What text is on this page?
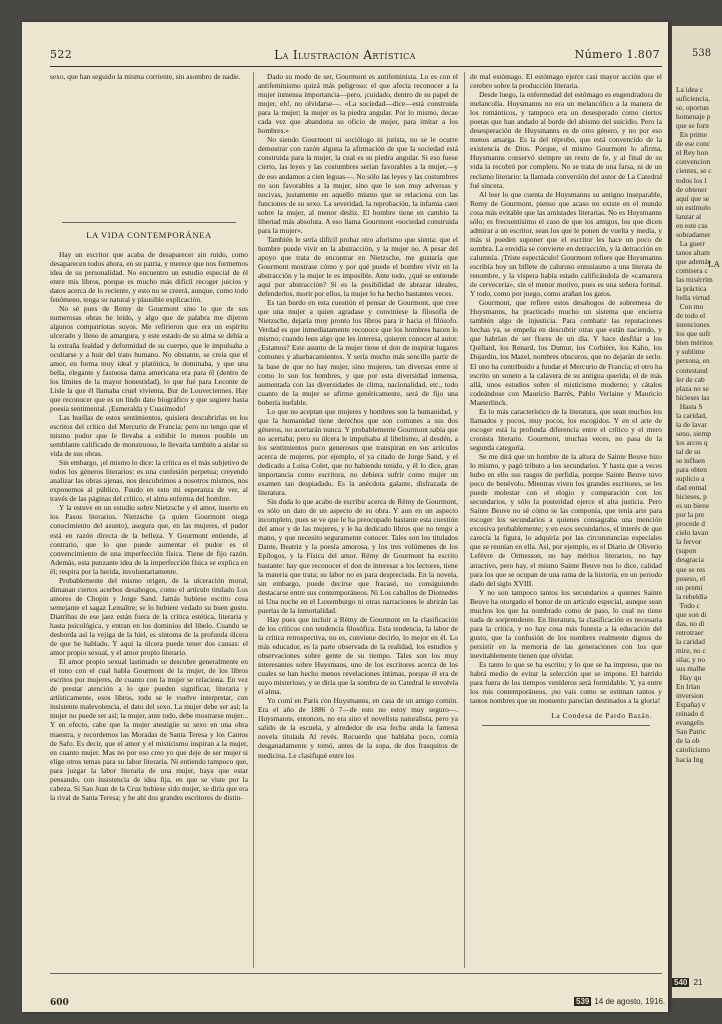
522	La Ilustración Artística	Número 1.807

sexo, que han seguido la misma corriente, sin asombro de nadie.

LA VIDA CONTEMPORÁNEA

Hay un escritor que acaba de desaparecer sin ruido, como desaparecen todos ahora, en su patria, y merece que nos formemos idea de su personalidad. No encuentro un estudio especial de él entre mis libros, porque es mucho más difícil recoger juicios y datos acerca de lo reciente, y esto no se creerá, aunque, como todo fenómeno, tenga su natural y plausible explicación.

No sé pues de Remy de Gourmont sino lo que de sus numerosas obras he leído, y algo que de palabra me dijeron algunos compatriotas suyos. Me refirieron que era un espíritu ulcerado y lleno de amargura, y este estado de su alma se debía a la extraña fealdad y deformidad de su cuerpo, que le impulsaba a ocultarse y a huir del trato humano. No obstante, se creía que el amor, en forma muy ideal y platónica, le dominaba, y que una bella, elegante y fastuosa dama americana era para él (dentro de los límites de la mayor honestidad), lo que fué para Leconte de Lisle la que él llamaba cruel vivienta, Bur de Louveciennes. Hay que reconocer que es un lindo dato biográfico y que sugiere hasta poesía sentimental. ¡Esmeralda y Cuasimodo!

Las huellas de estos sentimientos, quisiera descubrirlas en los escritos del crítico del Mercurio de Francia; pero no tengo que el mismo pudor que le llevaba a exhibir lo menos posible un semblante calificado de monstruoso, le llevaría también a aislar su vida de sus obras.

Sin embargo, ¡el mismo lo dice: la crítica es el más subjetivo de todos los géneros literarios: es una confesión perpetua; creyendo analizar las obras ajenas, nos descubrimos a nosotros mismos, nos exponemos al público. Fuudo en esto mi esperanza de ver, al través de las páginas del crítico, el alma enferma del hombre.

Y la estuve en un estudio sobre Nietzsche y el amor, inserto en los Pasos literarios. Nietzsche (a quien Gourmont niega conocimiento del asunto), asegura que, en las mujeres, el pudor está en razón directa de la belleza. Y Gourmont entiende, al contrario, que lo que puede aumentar el pudor es el convencimiento de una imperfección física. Tiene de fijo razón. Además, esta punzante idea de la imperfección física se explica en él; respira por la herida, involuntariamente.

Probablemente del mismo origen, de la ulceración moral, dimanan ciertos acerbos desahogos, como el artículo titulado Los amores de Chopin y Jorge Sand. Jamás hubiese escrito cosa semejante el sagaz Lemaître; se lo hubiere vedado su buen gusto. Diatribas de ese jaez están fuera de la crítica estética, literaria y hasta psicológica, y entran en los dominios del libelo. Cuando se desborda así la vejiga de la hiel, es síntoma de la profunda úlcera de que he hablado. Y aquí la úlcera puede tener dos causas: el amor propio sexual, y el amor propio literario.

El amor propio sexual lastimado se descubre generalmente en el tono con el cual habla Gourmont de la mujer, de los libros escritos por mujeres, de cuanto con la mujer se relaciona. En vez de prestar atención a lo que pueden significar, literaria y artísticamente, esos libros, todo se le vuelve interpretar, con insistente malevolencia, el dato del sexo. La mujer debe ser así; la mujer no puede ser así; la mujer, ante todo, debe mostrarse mujer... Y en efecto, cabe que la mujer atestigüe su sexo en una obra maestra, y recordemos las Moradas de Santa Teresa y los Cantos de Safo. Es decir, que el amor y el misticismo inspiran a la mujer, en cuanto mujer. Mas no por eso creo yo que deje de ser mujer si elige otros temas para su labor literaria. Ni entiendo tampoco que, para juzgar la labor literaria de una mujer, haya que estar pensando, con insistencia de idea fija, en que se viste por la cabeza. Si San Juan de la Cruz hubiese sido mujer, se diría que era la rival de Santa Teresa; y he ahí dos grandes escritores de distin-

Dado su modo de ser, Gourmont es antifeminista. Lo es con el antifeminismo quizá más peligroso: el que afecta reconocer a la mujer inmensa importancia—pero, ¡cuidado, dentro de su papel de mujer, eh!, no olvidarse—. «La sociedad—dice—está construida para la mujer; la mujer es la piedra angular. Por lo mismo, decae cada vez que abandona su oficio de mujer, para imitar a los hombres.»

No siendo Gourmont ni sociólogo ni jurista, no se le ocurre demostrar con razón alguna la afirmación de que la sociedad está construida para la mujer, la cual es su piedra angular. Si eso fuese cierto, las leyes y las costumbres serían favorables a la mujer,—y de eso andamos a cien leguas—. No sólo las leyes y las costumbres no son favorables a la mujer, sino que le son muy adversas y nocivas, justamente en aquello mismo que se relaciona con las funciones de su sexo. La severidad, la reprobación, la infamia caen sobre la mujer, al menor desliz. El hombre tiene en cambio la libertad más absoluta. A eso llama Gourmont «sociedad construida para la mujer».

También le sería difícil probar otro aforismo que sienta: que el hombre puede vivir en la abstracción, y la mujer no. A pesar del apoyo que trata de encontrar en Nietzsche, me gustaría que Gourmont mostrase cómo y por qué puede el hombre vivir en la abstracción y la mujer le es imposible. Ante todo, ¿qué se entiende aquí por abstracción? Si es la posibilidad de abrazar ideales, defenderlos, morir por ellos, la mujer lo ha hecho bastantes veces.

Es tan burdo en esta cuestión el pensar de Gourmont, que cree que una mujer a quien agradase y conviniese la filosofía de Nietzsche, dejaría muy pronto los libros para ir hacia el filósofo. Verdad es que inmediatamente reconoce que los hombres hacen lo mismo; cuando leen algo que les interesa, quieren conocer al autor. ¿Estamos? Este asunto de la mujer tiene el don de inspirar lugares comunes y abarbacamientos. Y sería mucho más sencillo partir de la base de que no hay mujer, sino mujeres, tan diversas entre sí como lo son los hombres, y que por esta diversidad inmensa, aumentada con las diversidades de clima, nacionalidad, etc., todo cuanto de la mujer se afirme genéricamente, será de fijo una bobería inefable.

Lo que no aceptan que mujeres y hombres son la humanidad, y que la humanidad tiene derechos que son comunes a sus dos géneros, no acertarán nunca. Y probablemente Gourmont sabía que no acertaba; pero su úlcera le impulsaba al libelismo, al desdén, a los sentimientos poco generosos que transpiran en sus artículos acerca de mujeres, por ejemplo, el ya citado de Jorge Sand, y el dedicado a Luisa Colet, que no habiendo tenido, y él lo dice, gran importancia como escritora, no debiera sufrir como mujer un examen tan despiadado. Es la anécdota galante, disfrazada de literatura.

Sin duda lo que acabo de escribir acerca de Rémy de Gourmont, es sólo un dato de un aspecto de su obra. Y aun en un aspecto incompleto, pues se ve que le ha preocupado bastante esta cuestión del amor y de las mujeres, y le ha dedicado libros que no tengo a mano, y que necesito seguramente conocer. Tales son los titulados Dante, Beatriz y la poesía amorosa, y los tres volúmenes de los Epílogos, y la Física del amor. Rémy de Gourmont ha escrito bastante: hay que reconocer el don de interesar a los lectores, tiene la materia que trata; su labor no es para despreciada. En la novela, sin embargo, puede decirse que fracasó, no consiguiendo destacarse entre sus contemporáneos. Ni Los caballos de Diomedes ni Una noche en el Luxemburgo ni otras narraciones le abrirán las puertas de la inmortalidad.

Hay pues que incluir a Rémy de Gourmont en la clasificación de los críticos con tendencia filosófica. Esta tendencia, la labor de la crítica retrospectiva, no es, conviene decirlo, lo mejor en él. Lo más educador, es la parte observada de la realidad, los estudios y observaciones sobre gente de su tiempo. Tales son los muy interesantes sobre Huysmans, uno de los escritores acerca de los cuales se han hecho menos revelaciones íntimas, porque él era de suyo misterioso, y se diría que la sombra de su Catedral le envolvía el alma.

Yo comí en París con Huysmanns, en casa de un amigo común. Era el año de 1886 ó 7—de esto no estoy muy seguro—. Huysmanns, entonces, no era sino el novelista naturalista, pero ya salido de la escuela, y alrededor de esa fecha anda la famosa novela titulada Al revés. Recuerdo que hablaba poco, comía desganadamente y tomó, antes de la sopa, de dos frasquitos de medicina. Le clasifiqué entre los

de mal estómago. El estómago ejerce casi mayor acción que el cerebro sobre la producción literaria.

Desde luego, la enfermedad del estómago es engendradora de melancolía. Huysmanns no era un melancólico a la manera de los románticos, y tampoco era un desesperado como ciertos poetas que han andado al borde del abismo del suicidio. Pero la desesperación de Huysmanns es de otro género, y no por eso menos amarga. Es la del réprobo, que está convencido de la existencia de Dios. Porque, el mismo Gourmont lo afirma, Huysmanns conservó siempre un resto de fe, y al final de su vida la recobró por completo. No se trata de una farsa, ni de un reclamo literario: la llamada conversión del autor de La Catedral fué sincera.

Al leer lo que cuenta de Huysmanns su antiguo inseparable, Remy de Gourmont, pienso que acaso no existe en el mundo cosa más evitable que las amistades literarias. No es Huysmanns sólo; es frecuentísimo el caso de que los amigos, los que dicen admirar a un escritor, sean los que le ponen de vuelta y media, y más si pueden suponer que el escritor les hace un poco de sombra. La envidia se convierte en detracción, y la detracción en calumnia. ¡Triste espectáculo! Gourmont refiere que Huysmanns escribía hoy un billete de caluroso entusiasmo a una literata de renombre, y la víspera había estado calificándola de «camarera de cervecería», sin el menor motivo, pues es una señora formal. Y todo, como por juego, como arañan los gatos.

Gourmont, que refiere estos desahogos de sobremesa de Huysmanns, ha practicado mucho un sistema que encierra también algo de injusticia. Para combatir las reputaciones hechas ya, se empeña en descubrir otras que están naciendo, y que habrían de ser flores de un día. Y hace desfilar a los Quillard, los Renard, los Dumur, los Corbière, los Kahn, los Dujardin, los Mazel, nombres obscuros, que no dejarán de serlo. El uno ha contribuido a fundar el Mercurio de Francia; el otro ha escrito un soneto a la calavera de su antigua querida; el de más allá, unos estudios sobre el misticismo moderno; y cátalos codeándose con Mauricio Barrés, Pablo Verlaine y Mauricio Maeterlinck.

Es lo más característico de la literatura, que sean muchos los llamados y pocos, muy pocos, los escogidos. Y en el arte de escoger está la profunda diferencia entre el crítico y el mero cronista literario. Gourmont, muchas veces, no pasa de la segunda categoría.

Se me dirá que un hombre de la altura de Sainte Beuve hizo lo mismo, y pagó tributo a los secundarios. Y hasta que a veces hubo en ello sus rasgos de perfidia, porque Sainte Beuve tuvo poco de benévolo. Mientras viven los grandes escritores, se les puede molestar con el elogio y comparación con los secundarios, y sólo la posteridad ejerce el alta justicia. Pero Sainte Beuve no sé cómo se las componía, que tenía arte para escoger los secundarios a quienes consagraba una mención excesiva probablemente; y en esos secundarios, el interés de que carecía la figura, lo adquiría por las circunstancias especiales que se reunían en ella. Así, por ejemplo, es el Diario de Oliverio Lefèvre de Ormesson, no hay méritos literarios, no hay atractivo, pero hay, el mismo Sainte Beuve nos lo dice, calidad para los que se ocupan de una rama de la historia, en un periodo dado del siglo XVIII.

Y no son tampoco tantos los secundarios a quienes Sainte Beuve ha otorgado el honor de un artículo especial, aunque sean muchos los que ha nombrado como de paso, lo cual no tiene nada de sorprendente. En literatura, la clasificación es necesaria para la crítica, y no hay cosa más funesta a la educación del gusto, que la confusión de los nombres realmente dignos de persistir en la memoria de las generaciones con los que inevitablemente tienen que olvidar.

Es tanto lo que se ha escrito; y lo que se ha impreso, que no habrá medio de evitar la selección que se impone. El barrido para fuera de los tiempos venideros será formidable. Y, ya entre los mis contemporáneos, ¡no vais como se estiman tantos y tantos nombres que un momento parecían destinados a la gloria!

La Condesa de Pardo Bazán.

600	539 14 de agosto, 1916.
538

La idea c
suficiencia,
se, oportun
homenaje p
que se forn
En prime
de ese conc
el Rey hon
convencion
cientes, se c
todos los l
de obtener
aquí que se
un estímulo
lanzar al
en este cas
sobradamer
La guerr
tanos altam
que además
comisera c
las misérrim
la práctica
bella virtud
Con mo
de todo el
intenciones
los que sufr
bien méritos
y sublime
persona, en
contestand
ler de cab
plaza no se
hicieses las
Hasta S
la caridad,
la de lavar
seno, siemp
los arcos q
tal de su
se influen
para obten
suplicio a
dad enmal
hicieses, p
es un biene
por la pre
procede d
cielo lavan
la fervor
(supon
desgracia
que se res
poseso, el
un premi
la rebeldía
Todo c
que son di
das, no di
retrotraer
la caridad
mire, no c
silar, y no
sus malhe
Hay qu
En Irlan
inversion
España) v
reinado d
evangelis
San Patric
de la ob
catolicismo
hacia Ing
LA
540 21
